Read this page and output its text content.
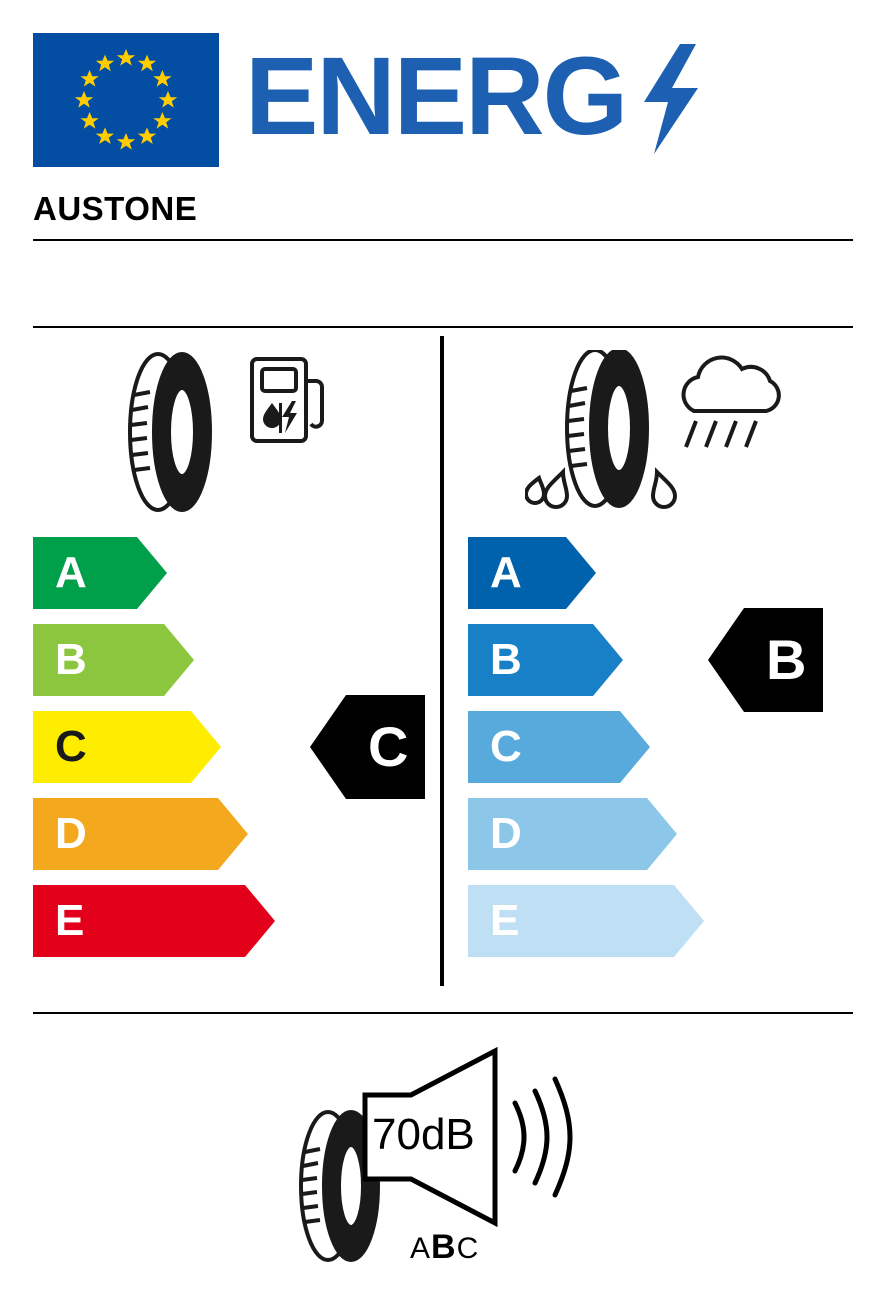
ENERG
AUSTONE
A
B
C
D
E
C
A
B
C
D
E
B
70dB
ABC
